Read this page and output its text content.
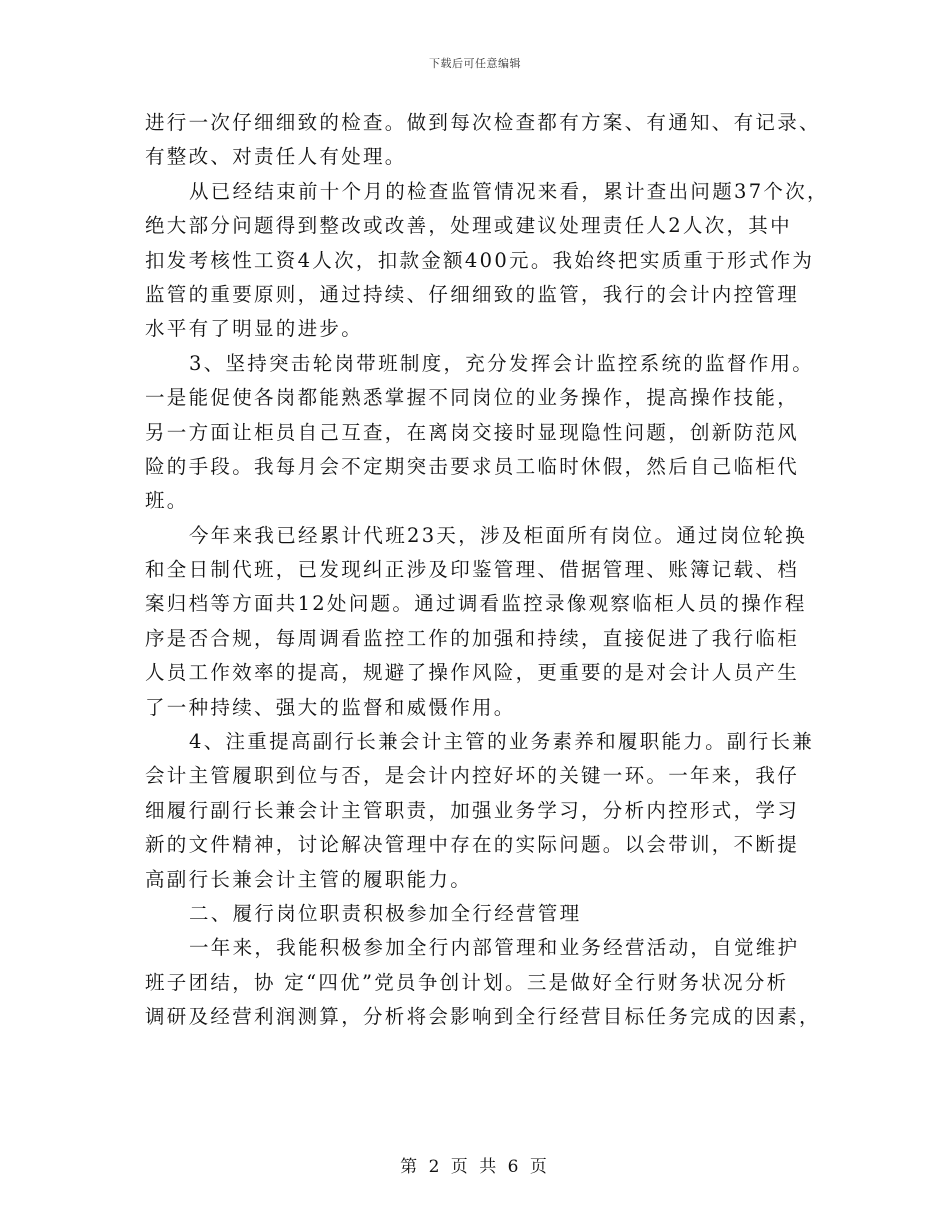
下载后可任意编辑
进行一次仔细细致的检查。做到每次检查都有方案、有通知、有记录、
有整改、对责任人有处理。
从已经结束前十个月的检查监管情况来看，累计查出问题37个次，
绝大部分问题得到整改或改善，处理或建议处理责任人2人次，其中
扣发考核性工资4人次，扣款金额400元。我始终把实质重于形式作为
监管的重要原则，通过持续、仔细细致的监管，我行的会计内控管理
水平有了明显的进步。
3、坚持突击轮岗带班制度，充分发挥会计监控系统的监督作用。
一是能促使各岗都能熟悉掌握不同岗位的业务操作，提高操作技能，
另一方面让柜员自己互查，在离岗交接时显现隐性问题，创新防范风
险的手段。我每月会不定期突击要求员工临时休假，然后自己临柜代
班。
今年来我已经累计代班23天，涉及柜面所有岗位。通过岗位轮换
和全日制代班，已发现纠正涉及印鉴管理、借据管理、账簿记载、档
案归档等方面共12处问题。通过调看监控录像观察临柜人员的操作程
序是否合规，每周调看监控工作的加强和持续，直接促进了我行临柜
人员工作效率的提高，规避了操作风险，更重要的是对会计人员产生
了一种持续、强大的监督和威慑作用。
4、注重提高副行长兼会计主管的业务素养和履职能力。副行长兼
会计主管履职到位与否，是会计内控好坏的关键一环。一年来，我仔
细履行副行长兼会计主管职责，加强业务学习，分析内控形式，学习
新的文件精神，讨论解决管理中存在的实际问题。以会带训，不断提
高副行长兼会计主管的履职能力。
二、履行岗位职责积极参加全行经营管理
一年来，我能积极参加全行内部管理和业务经营活动，自觉维护
班子团结，协 定“四优”党员争创计划。三是做好全行财务状况分析
调研及经营利润测算，分析将会影响到全行经营目标任务完成的因素，
第 2 页 共 6 页
